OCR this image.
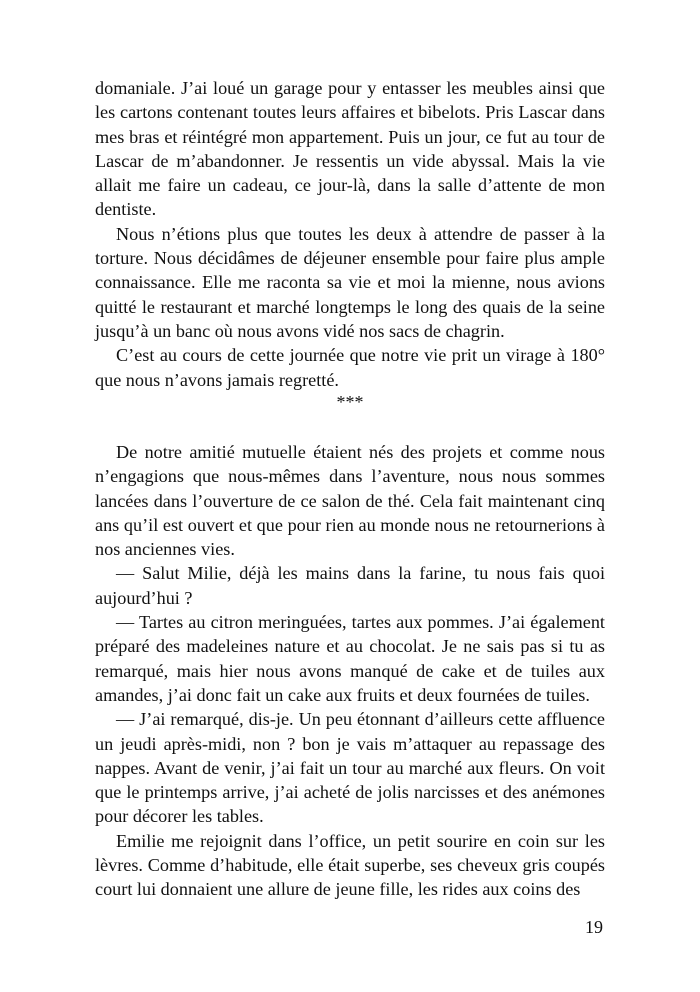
domaniale. J’ai loué un garage pour y entasser les meubles ainsi que les cartons contenant toutes leurs affaires et bibelots. Pris Lascar dans mes bras et réintégré mon appartement. Puis un jour, ce fut au tour de Lascar de m’abandonner. Je ressentis un vide abyssal. Mais la vie allait me faire un cadeau, ce jour-là, dans la salle d’attente de mon dentiste.

Nous n’étions plus que toutes les deux à attendre de passer à la torture. Nous décidâmes de déjeuner ensemble pour faire plus ample connaissance. Elle me raconta sa vie et moi la mienne, nous avions quitté le restaurant et marché longtemps le long des quais de la seine jusqu’à un banc où nous avons vidé nos sacs de chagrin.

C’est au cours de cette journée que notre vie prit un virage à 180° que nous n’avons jamais regretté.

***

De notre amitié mutuelle étaient nés des projets et comme nous n’engagions que nous-mêmes dans l’aventure, nous nous sommes lancées dans l’ouverture de ce salon de thé. Cela fait maintenant cinq ans qu’il est ouvert et que pour rien au monde nous ne retournerions à nos anciennes vies.

— Salut Milie, déjà les mains dans la farine, tu nous fais quoi aujourd’hui ?

— Tartes au citron meringuées, tartes aux pommes. J’ai également préparé des madeleines nature et au chocolat. Je ne sais pas si tu as remarqué, mais hier nous avons manqué de cake et de tuiles aux amandes, j’ai donc fait un cake aux fruits et deux fournées de tuiles.

— J’ai remarqué, dis-je. Un peu étonnant d’ailleurs cette affluence un jeudi après-midi, non ? bon je vais m’attaquer au repassage des nappes. Avant de venir, j’ai fait un tour au marché aux fleurs. On voit que le printemps arrive, j’ai acheté de jolis narcisses et des anémones pour décorer les tables.

Emilie me rejoignit dans l’office, un petit sourire en coin sur les lèvres. Comme d’habitude, elle était superbe, ses cheveux gris coupés court lui donnaient une allure de jeune fille, les rides aux coins des

19
